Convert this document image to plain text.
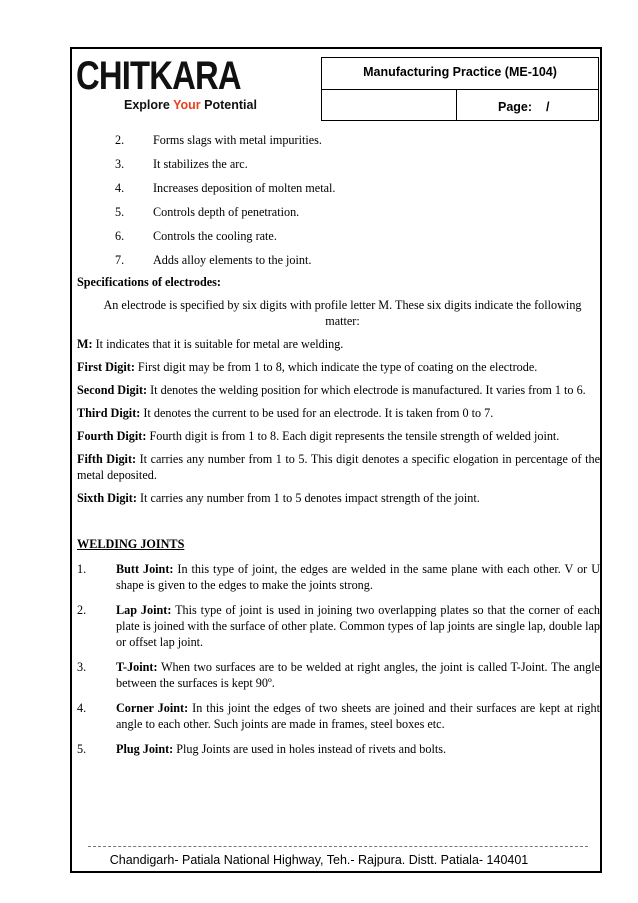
CHITKARA
Explore Your Potential
Manufacturing Practice (ME-104)
Page: /
2. Forms slags with metal impurities.
3. It stabilizes the arc.
4. Increases deposition of molten metal.
5. Controls depth of penetration.
6. Controls the cooling rate.
7. Adds alloy elements to the joint.

Specifications of electrodes:

An electrode is specified by six digits with profile letter M. These six digits indicate the following matter:

M: It indicates that it is suitable for metal are welding.

First Digit: First digit may be from 1 to 8, which indicate the type of coating on the electrode.

Second Digit: It denotes the welding position for which electrode is manufactured. It varies from 1 to 6.

Third Digit: It denotes the current to be used for an electrode. It is taken from 0 to 7.

Fourth Digit: Fourth digit is from 1 to 8. Each digit represents the tensile strength of welded joint.

Fifth Digit: It carries any number from 1 to 5. This digit denotes a specific elogation in percentage of the metal deposited.

Sixth Digit: It carries any number from 1 to 5 denotes impact strength of the joint.

WELDING JOINTS
1. Butt Joint: In this type of joint, the edges are welded in the same plane with each other. V or U shape is given to the edges to make the joints strong.
2. Lap Joint: This type of joint is used in joining two overlapping plates so that the corner of each plate is joined with the surface of other plate. Common types of lap joints are single lap, double lap or offset lap joint.
3. T-Joint: When two surfaces are to be welded at right angles, the joint is called T-Joint. The angle between the surfaces is kept 90º.
4. Corner Joint: In this joint the edges of two sheets are joined and their surfaces are kept at right angle to each other. Such joints are made in frames, steel boxes etc.
5. Plug Joint: Plug Joints are used in holes instead of rivets and bolts.
Chandigarh- Patiala National Highway, Teh.- Rajpura. Distt. Patiala- 140401
